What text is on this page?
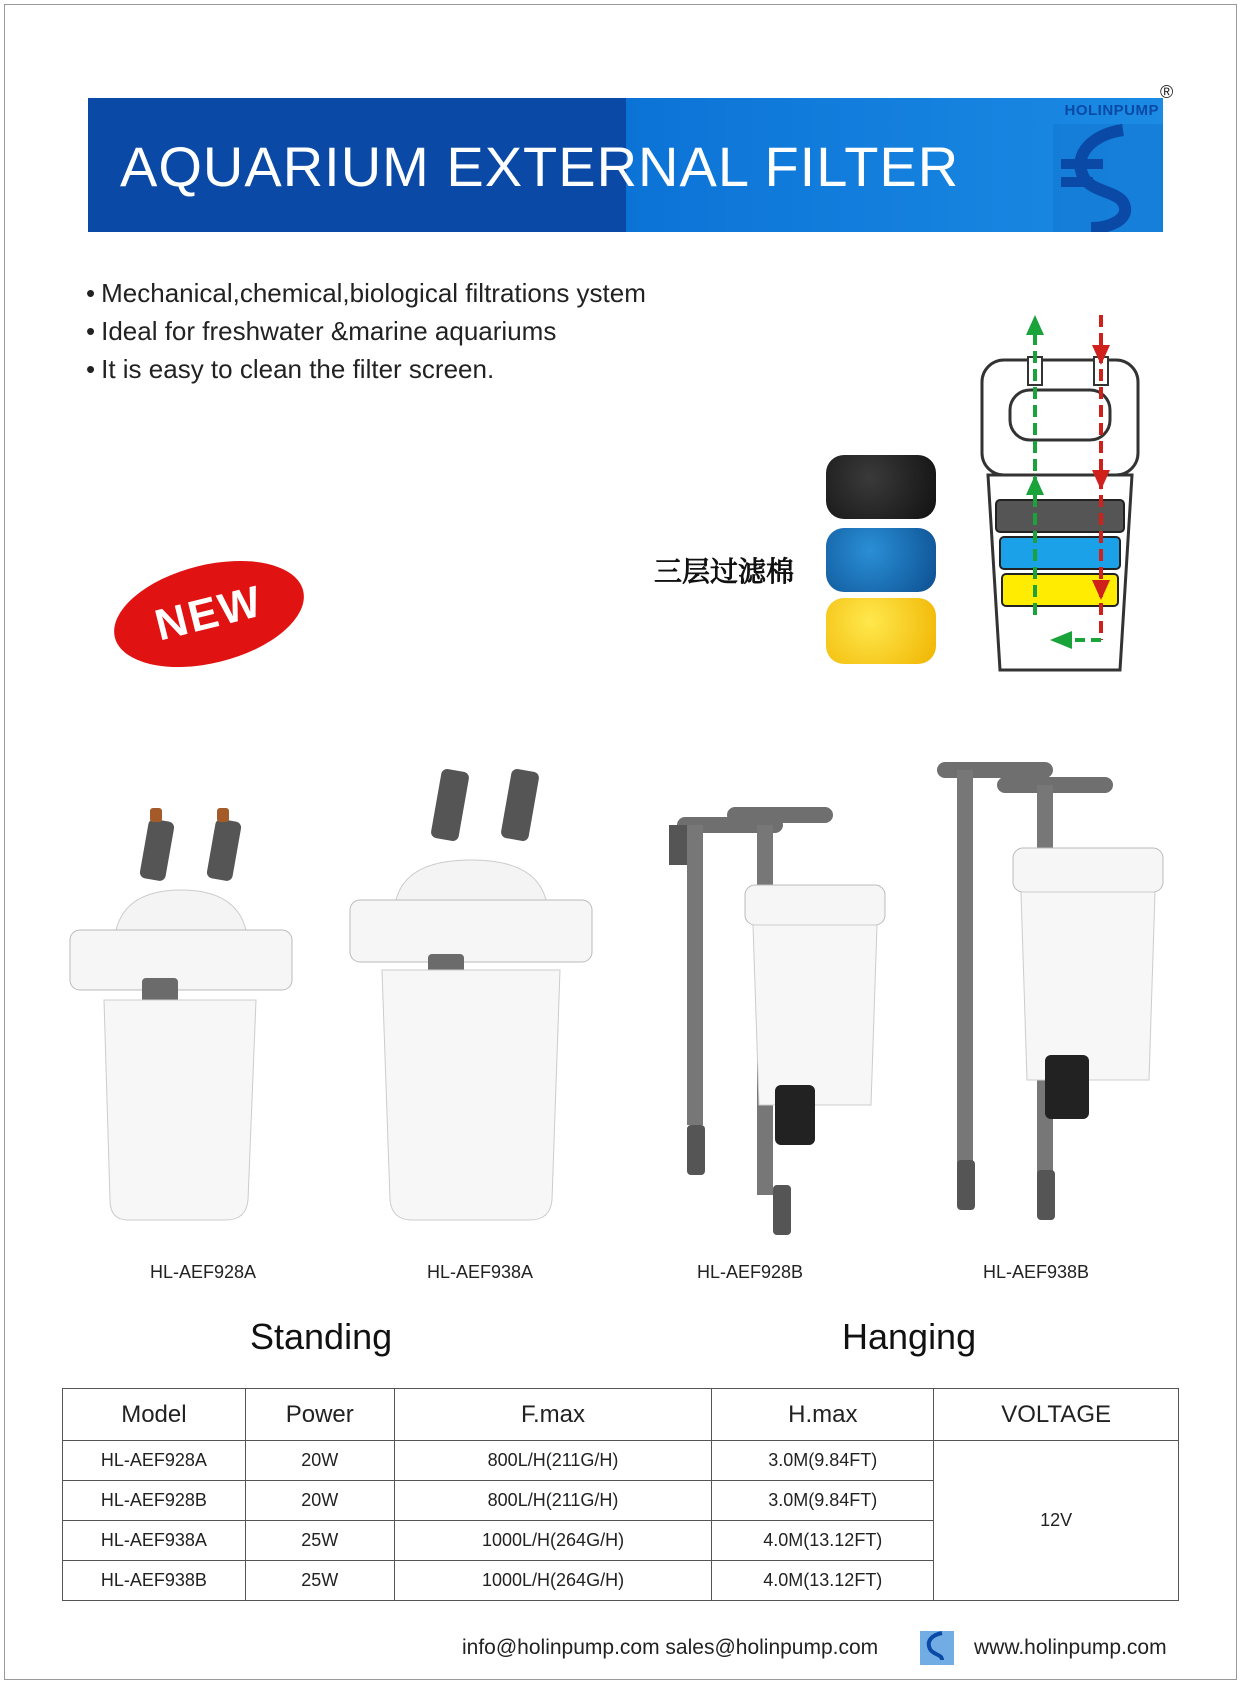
AQUARIUM EXTERNAL FILTER
HOLINPUMP
®
• Mechanical,chemical,biological filtrations ystem
• Ideal for freshwater &marine aquariums
• It is easy to clean the filter screen.
NEW
三层过滤棉
HL-AEF928A	HL-AEF938A	HL-AEF928B	HL-AEF938B
Standing	Hanging
Model	Power	F.max	H.max	VOLTAGE
HL-AEF928A	20W	800L/H(211G/H)	3.0M(9.84FT)	12V
HL-AEF928B	20W	800L/H(211G/H)	3.0M(9.84FT)	
HL-AEF938A	25W	1000L/H(264G/H)	4.0M(13.12FT)	
HL-AEF938B	25W	1000L/H(264G/H)	4.0M(13.12FT)	
info@holinpump.com sales@holinpump.com	www.holinpump.com
